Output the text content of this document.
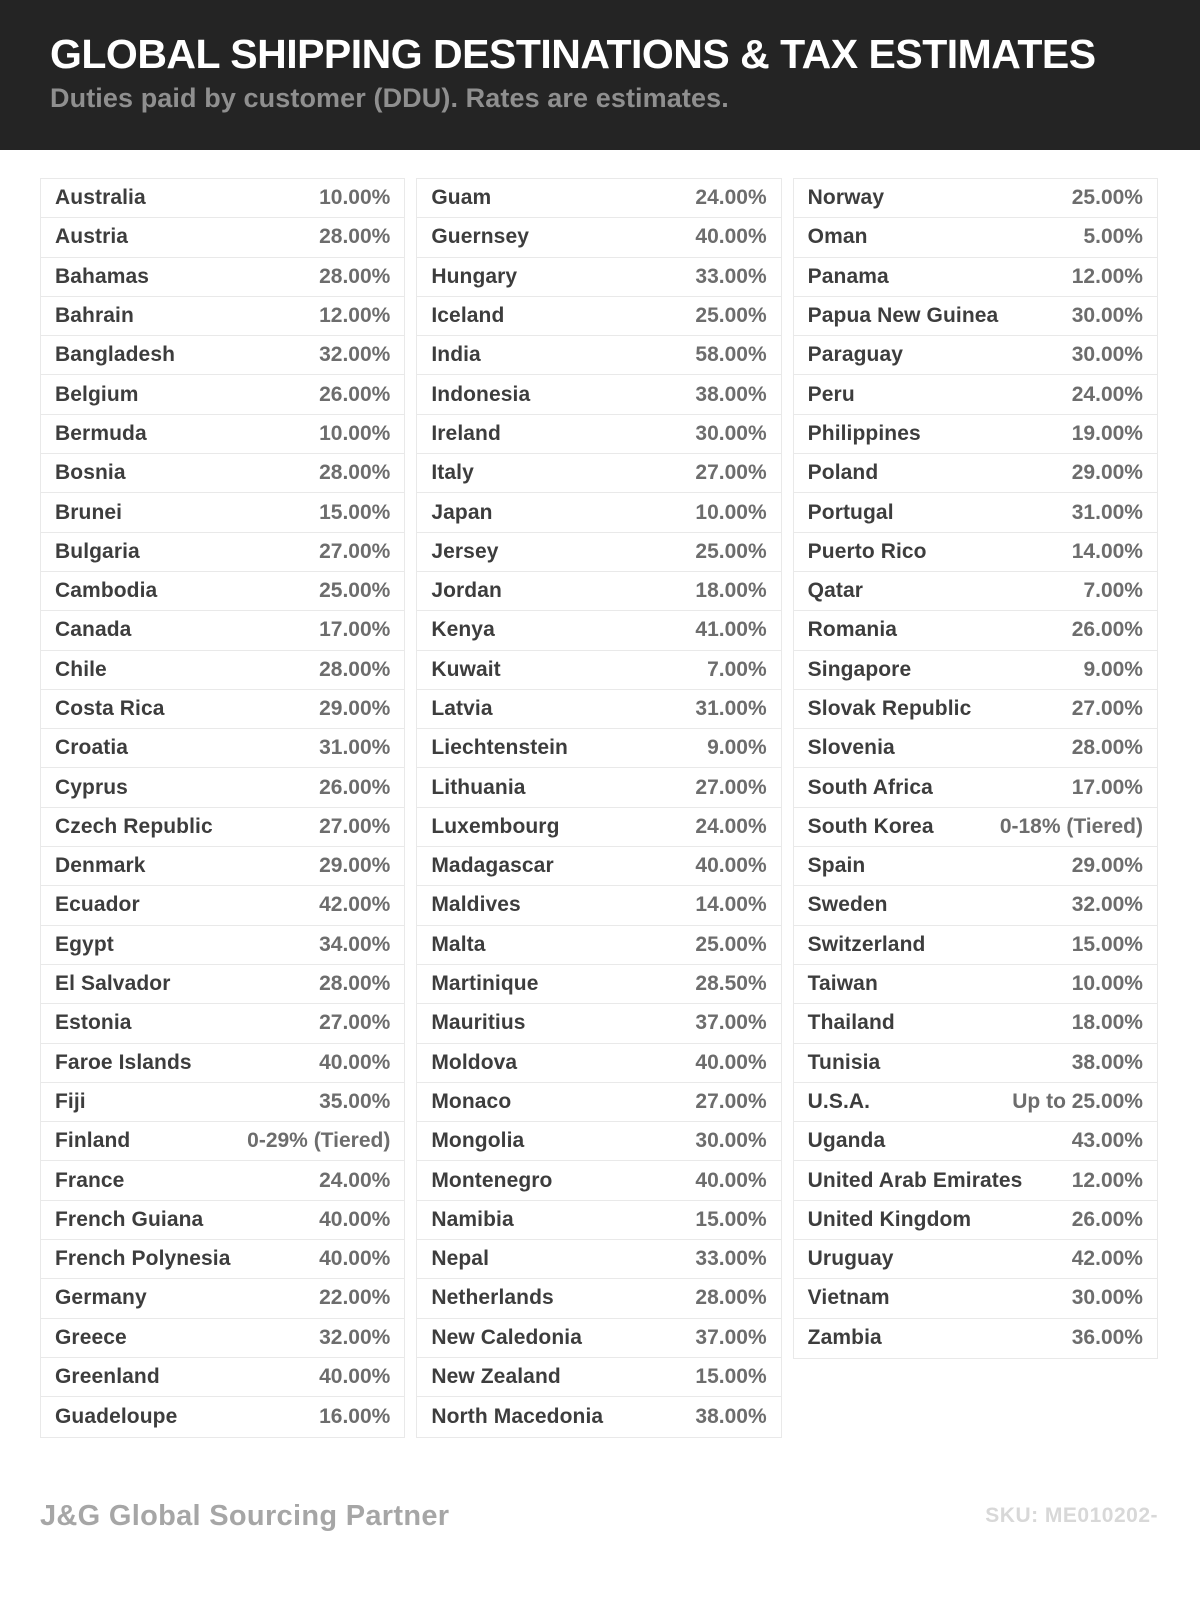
GLOBAL SHIPPING DESTINATIONS & TAX ESTIMATES
Duties paid by customer (DDU). Rates are estimates.
Australia	10.00%
Austria	28.00%
Bahamas	28.00%
Bahrain	12.00%
Bangladesh	32.00%
Belgium	26.00%
Bermuda	10.00%
Bosnia	28.00%
Brunei	15.00%
Bulgaria	27.00%
Cambodia	25.00%
Canada	17.00%
Chile	28.00%
Costa Rica	29.00%
Croatia	31.00%
Cyprus	26.00%
Czech Republic	27.00%
Denmark	29.00%
Ecuador	42.00%
Egypt	34.00%
El Salvador	28.00%
Estonia	27.00%
Faroe Islands	40.00%
Fiji	35.00%
Finland	0-29% (Tiered)
France	24.00%
French Guiana	40.00%
French Polynesia	40.00%
Germany	22.00%
Greece	32.00%
Greenland	40.00%
Guadeloupe	16.00%
Guam	24.00%
Guernsey	40.00%
Hungary	33.00%
Iceland	25.00%
India	58.00%
Indonesia	38.00%
Ireland	30.00%
Italy	27.00%
Japan	10.00%
Jersey	25.00%
Jordan	18.00%
Kenya	41.00%
Kuwait	7.00%
Latvia	31.00%
Liechtenstein	9.00%
Lithuania	27.00%
Luxembourg	24.00%
Madagascar	40.00%
Maldives	14.00%
Malta	25.00%
Martinique	28.50%
Mauritius	37.00%
Moldova	40.00%
Monaco	27.00%
Mongolia	30.00%
Montenegro	40.00%
Namibia	15.00%
Nepal	33.00%
Netherlands	28.00%
New Caledonia	37.00%
New Zealand	15.00%
North Macedonia	38.00%
Norway	25.00%
Oman	5.00%
Panama	12.00%
Papua New Guinea	30.00%
Paraguay	30.00%
Peru	24.00%
Philippines	19.00%
Poland	29.00%
Portugal	31.00%
Puerto Rico	14.00%
Qatar	7.00%
Romania	26.00%
Singapore	9.00%
Slovak Republic	27.00%
Slovenia	28.00%
South Africa	17.00%
South Korea	0-18% (Tiered)
Spain	29.00%
Sweden	32.00%
Switzerland	15.00%
Taiwan	10.00%
Thailand	18.00%
Tunisia	38.00%
U.S.A.	Up to 25.00%
Uganda	43.00%
United Arab Emirates 12.00%
United Kingdom	26.00%
Uruguay	42.00%
Vietnam	30.00%
Zambia	36.00%
J&G Global Sourcing Partner	SKU: ME010202-
